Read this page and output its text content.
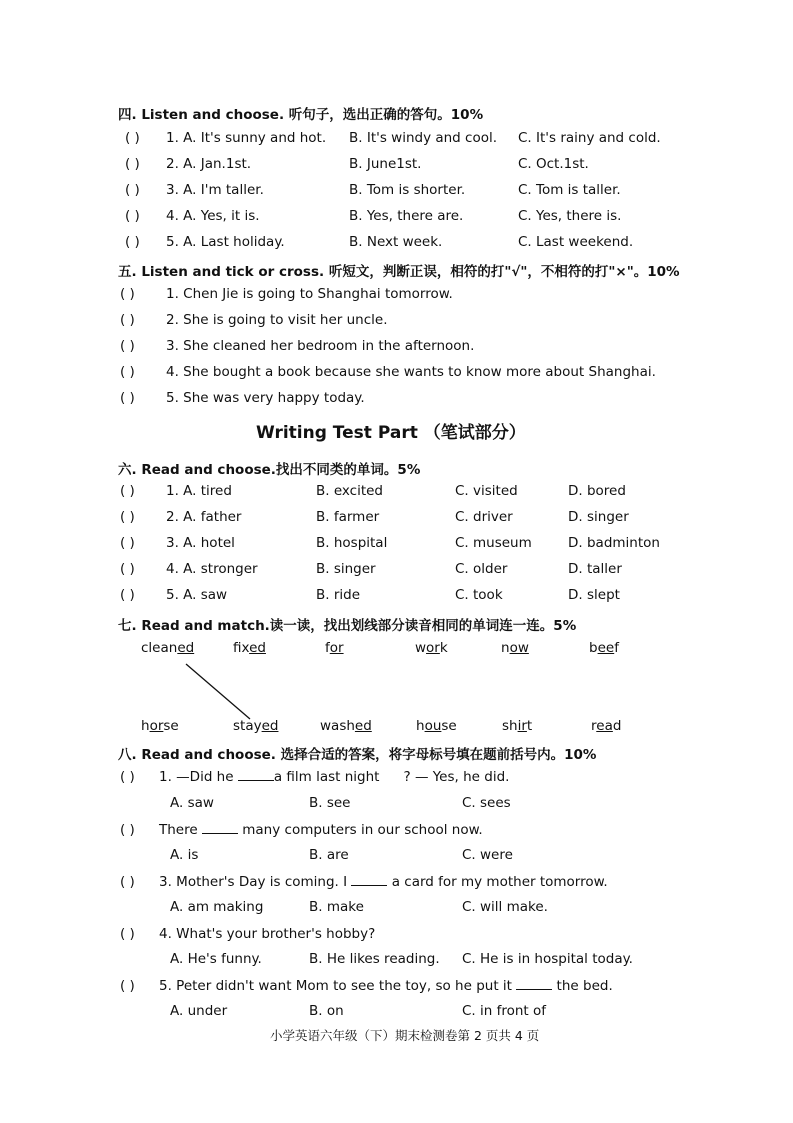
四. Listen and choose. 听句子，选出正确的答句。10%
( ) 1. A. It's sunny and hot. B. It's windy and cool. C. It's rainy and cold.
( ) 2. A. Jan.1st.	B. June1st.	C. Oct.1st.
( ) 3. A. I'm taller.	B. Tom is shorter.	C. Tom is taller.
( ) 4. A. Yes, it is.	B. Yes, there are.	C. Yes, there is.
( ) 5. A. Last holiday.	B. Next week.	C. Last weekend.
五. Listen and tick or cross. 听短文，判断正误，相符的打"√"，不相符的打"×"。10%
( ) 1. Chen Jie is going to Shanghai tomorrow.
( ) 2. She is going to visit her uncle.
( ) 3. She cleaned her bedroom in the afternoon.
( ) 4. She bought a book because she wants to know more about Shanghai.
( ) 5. She was very happy today.
Writing Test Part （笔试部分）
六. Read and choose.找出不同类的单词。5%
( ) 1. A. tired	B. excited	C. visited	D. bored
( ) 2. A. father	B. farmer	C. driver	D. singer
( ) 3. A. hotel	B. hospital	C. museum	D. badminton
( ) 4. A. stronger	B. singer	C. older	D. taller
( ) 5. A. saw	B. ride	C. took	D. slept
七. Read and match.读一读，找出划线部分读音相同的单词连一连。5%
cleaned	fixed	for	work	now	beef
horse	stayed	washed	house	shirt	read
八. Read and choose. 选择合适的答案，将字母标号填在题前括号内。10%
( ) 1. —Did he	a film last night ? — Yes, he did.
A. saw	B. see	C. sees
( ) There	many computers in our school now.
A. is	B. are	C. were
( ) 3. Mother's Day is coming. I	a card for my mother tomorrow.
A. am making	B. make	C. will make.
( ) 4. What's your brother's hobby?
A. He's funny.	B. He likes reading. C. He is in hospital today.
( ) 5. Peter didn't want Mom to see the toy, so he put it	the bed.
A. under	B. on	C. in front of
小学英语六年级（下）期末检测卷第 2 页共 4 页
